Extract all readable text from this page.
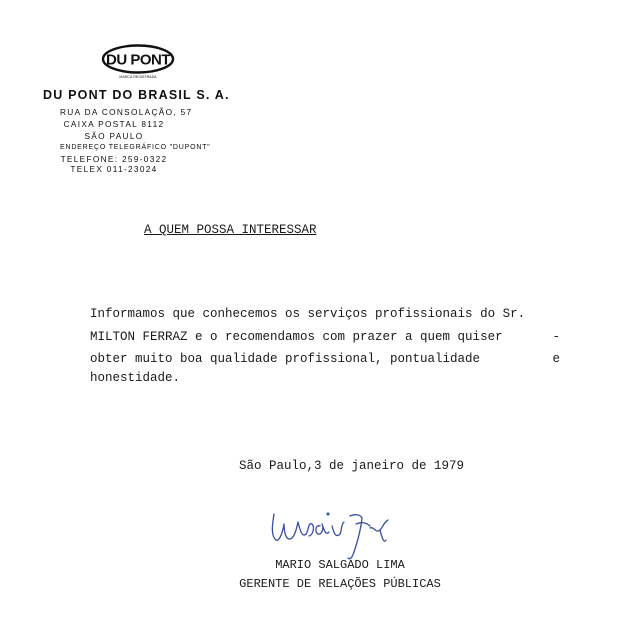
DU PONT
MARCA REGISTRADA
DU PONT DO BRASIL S. A.
RUA DA CONSOLAÇÃO, 57
CAIXA POSTAL 8112
SÃO PAULO
ENDEREÇO TELEGRÁFICO "DUPONT"
TELEFONE: 259-0322
TELEX 011-23024
A QUEM POSSA INTERESSAR
Informamos que conhecemos os serviços profissionais do Sr.
MILTON FERRAZ e o recomendamos com prazer a quem quiser	-
obter muito boa qualidade profissional, pontualidade	e
honestidade.
São Paulo,3 de janeiro de 1979
MARIO SALGADO LIMA
GERENTE DE RELAÇÕES PÚBLICAS
